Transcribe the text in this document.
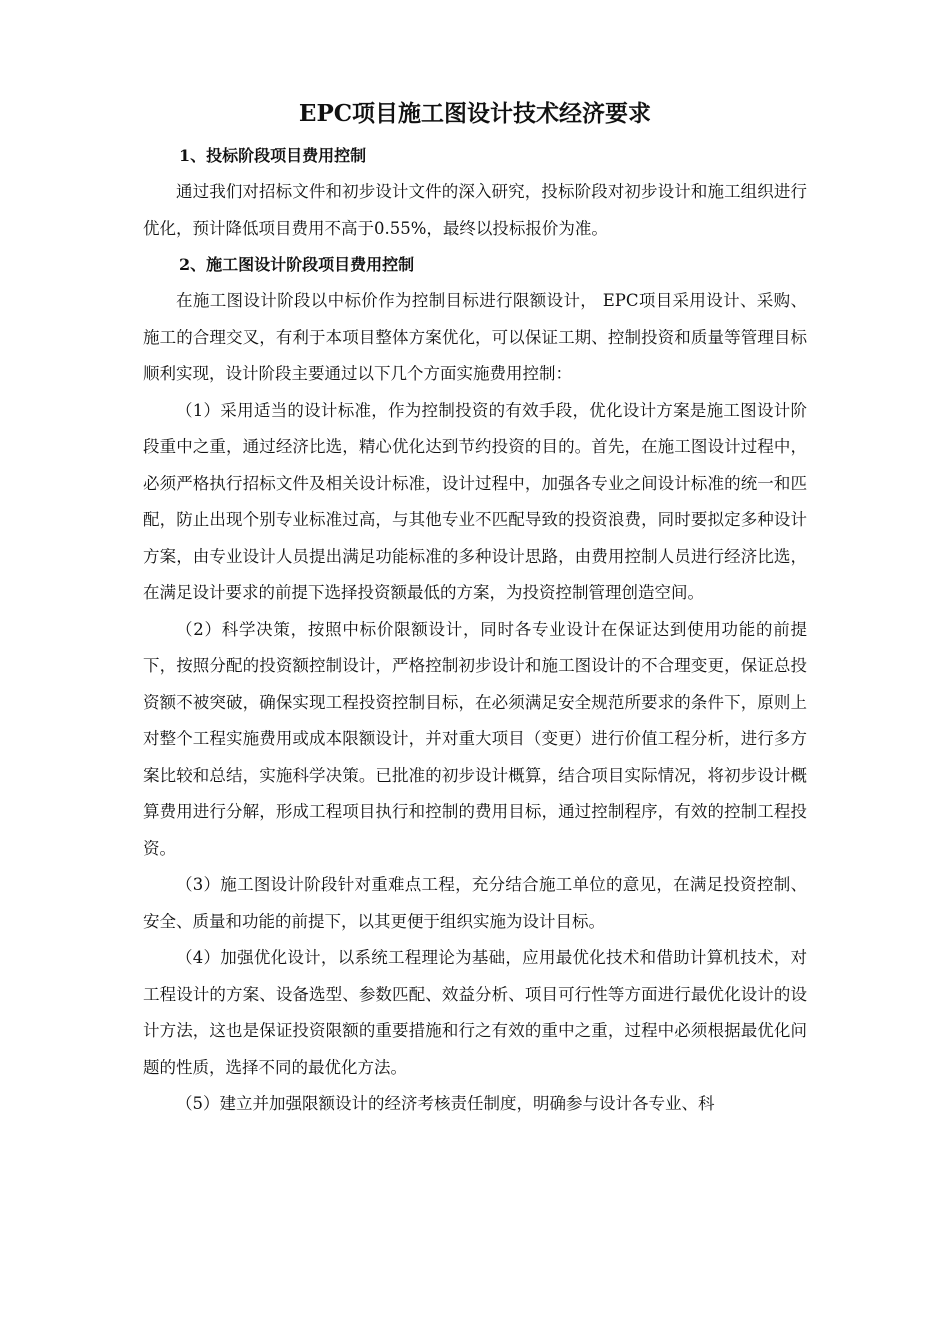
EPC项目施工图设计技术经济要求

1、投标阶段项目费用控制

通过我们对招标文件和初步设计文件的深入研究，投标阶段对初步设计和施工组织进行优化，预计降低项目费用不高于0.55%，最终以投标报价为准。

2、施工图设计阶段项目费用控制

在施工图设计阶段以中标价作为控制目标进行限额设计， EPC项目采用设计、采购、施工的合理交叉，有利于本项目整体方案优化，可以保证工期、控制投资和质量等管理目标顺利实现，设计阶段主要通过以下几个方面实施费用控制：

（1）采用适当的设计标准，作为控制投资的有效手段，优化设计方案是施工图设计阶段重中之重，通过经济比选，精心优化达到节约投资的目的。首先，在施工图设计过程中，必须严格执行招标文件及相关设计标准，设计过程中，加强各专业之间设计标准的统一和匹配，防止出现个别专业标准过高，与其他专业不匹配导致的投资浪费，同时要拟定多种设计方案，由专业设计人员提出满足功能标准的多种设计思路，由费用控制人员进行经济比选，在满足设计要求的前提下选择投资额最低的方案，为投资控制管理创造空间。

（2）科学决策，按照中标价限额设计，同时各专业设计在保证达到使用功能的前提下，按照分配的投资额控制设计，严格控制初步设计和施工图设计的不合理变更，保证总投资额不被突破，确保实现工程投资控制目标，在必须满足安全规范所要求的条件下，原则上对整个工程实施费用或成本限额设计，并对重大项目（变更）进行价值工程分析，进行多方案比较和总结，实施科学决策。已批准的初步设计概算，结合项目实际情况，将初步设计概算费用进行分解，形成工程项目执行和控制的费用目标，通过控制程序，有效的控制工程投资。

（3）施工图设计阶段针对重难点工程，充分结合施工单位的意见，在满足投资控制、安全、质量和功能的前提下，以其更便于组织实施为设计目标。

（4）加强优化设计，以系统工程理论为基础，应用最优化技术和借助计算机技术，对工程设计的方案、设备选型、参数匹配、效益分析、项目可行性等方面进行最优化设计的设计方法，这也是保证投资限额的重要措施和行之有效的重中之重，过程中必须根据最优化问题的性质，选择不同的最优化方法。

（5）建立并加强限额设计的经济考核责任制度，明确参与设计各专业、科
